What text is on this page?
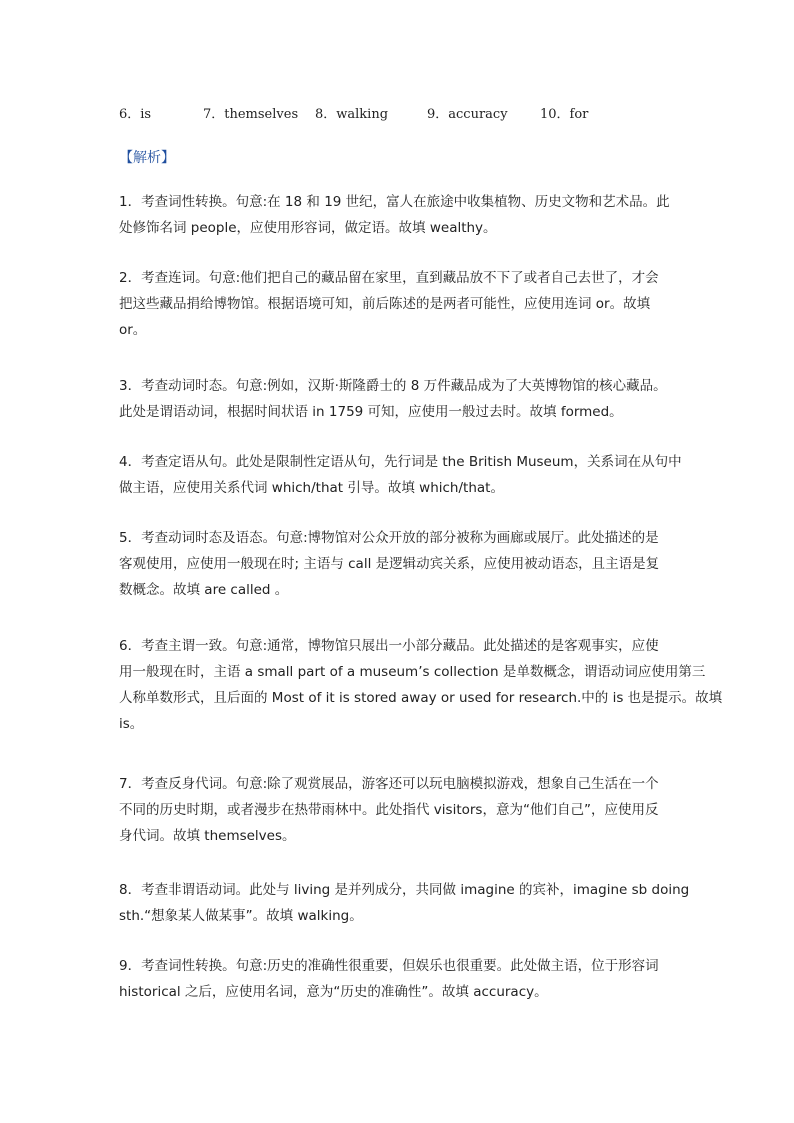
6．is	7．themselves 8．walking	9．accuracy 10．for
【解析】
1．考查词性转换。句意:在 18 和 19 世纪，富人在旅途中收集植物、历史文物和艺术品。此
处修饰名词 people，应使用形容词，做定语。故填 wealthy。
2．考查连词。句意:他们把自己的藏品留在家里，直到藏品放不下了或者自己去世了，才会
把这些藏品捐给博物馆。根据语境可知，前后陈述的是两者可能性，应使用连词 or。故填
or。
3．考查动词时态。句意:例如，汉斯·斯隆爵士的 8 万件藏品成为了大英博物馆的核心藏品。
此处是谓语动词，根据时间状语 in 1759 可知，应使用一般过去时。故填 formed。
4．考查定语从句。此处是限制性定语从句，先行词是 the British Museum，关系词在从句中
做主语，应使用关系代词 which/that 引导。故填 which/that。
5．考查动词时态及语态。句意:博物馆对公众开放的部分被称为画廊或展厅。此处描述的是
客观使用，应使用一般现在时; 主语与 call 是逻辑动宾关系，应使用被动语态，且主语是复
数概念。故填 are called 。
6．考查主谓一致。句意:通常，博物馆只展出一小部分藏品。此处描述的是客观事实，应使
用一般现在时，主语 a small part of a museum’s collection 是单数概念，谓语动词应使用第三
人称单数形式，且后面的 Most of it is stored away or used for research.中的 is 也是提示。故填
is。
7．考查反身代词。句意:除了观赏展品，游客还可以玩电脑模拟游戏，想象自己生活在一个
不同的历史时期，或者漫步在热带雨林中。此处指代 visitors，意为“他们自己”，应使用反
身代词。故填 themselves。
8．考查非谓语动词。此处与 living 是并列成分，共同做 imagine 的宾补，imagine sb doing
sth.“想象某人做某事”。故填 walking。
9．考查词性转换。句意:历史的准确性很重要，但娱乐也很重要。此处做主语，位于形容词
historical 之后，应使用名词，意为“历史的准确性”。故填 accuracy。
